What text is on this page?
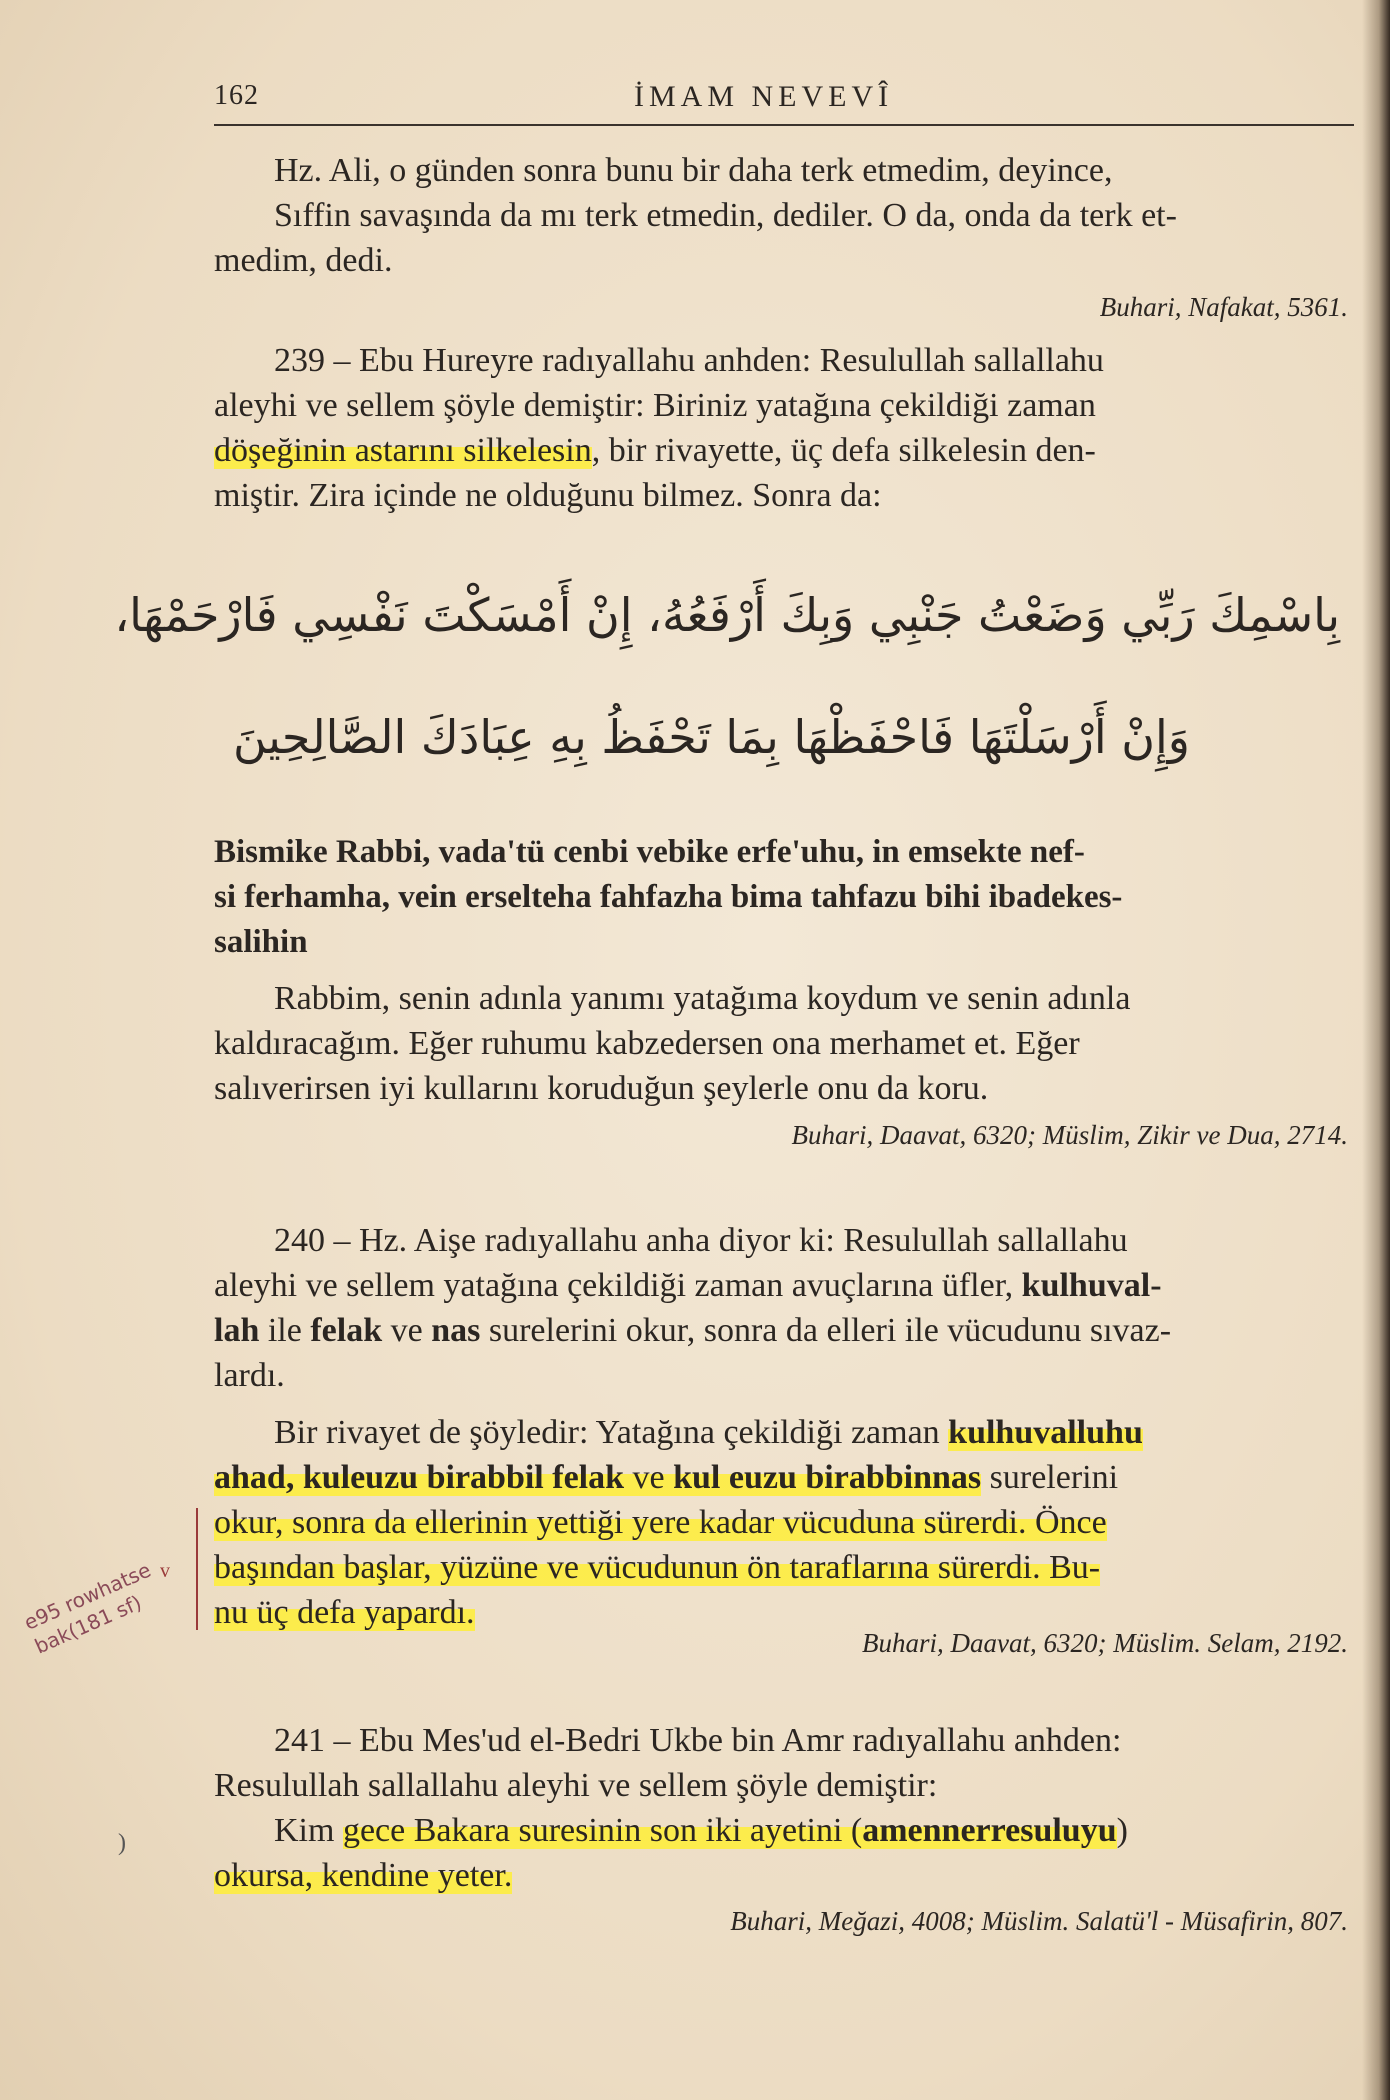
162	İMAM NEVEVÎ
Hz. Ali, o günden sonra bunu bir daha terk etmedim, deyince,
Sıffin savaşında da mı terk etmedin, dediler. O da, onda da terk et-
medim, dedi.
Buhari, Nafakat, 5361.
239 – Ebu Hureyre radıyallahu anhden: Resulullah sallallahu
aleyhi ve sellem şöyle demiştir: Biriniz yatağına çekildiği zaman
döşeğinin astarını silkelesin, bir rivayette, üç defa silkelesin den-
miştir. Zira içinde ne olduğunu bilmez. Sonra da:
بِاسْمِكَ رَبِّي وَضَعْتُ جَنْبِي وَبِكَ أَرْفَعُهُ، إِنْ أَمْسَكْتَ نَفْسِي فَارْحَمْهَا،
وَإِنْ أَرْسَلْتَهَا فَاحْفَظْهَا بِمَا تَحْفَظُ بِهِ عِبَادَكَ الصَّالِحِينَ
Bismike Rabbi, vada'tü cenbi vebike erfe'uhu, in emsekte nef-
si ferhamha, vein erselteha fahfazha bima tahfazu bihi ibadekes-
salihin
Rabbim, senin adınla yanımı yatağıma koydum ve senin adınla
kaldıracağım. Eğer ruhumu kabzedersen ona merhamet et. Eğer
salıverirsen iyi kullarını koruduğun şeylerle onu da koru.
Buhari, Daavat, 6320; Müslim, Zikir ve Dua, 2714.
240 – Hz. Aişe radıyallahu anha diyor ki: Resulullah sallallahu
aleyhi ve sellem yatağına çekildiği zaman avuçlarına üfler, kulhuval-
lah ile felak ve nas surelerini okur, sonra da elleri ile vücudunu sıvaz-
lardı.
Bir rivayet de şöyledir: Yatağına çekildiği zaman kulhuvalluhu
ahad, kuleuzu birabbil felak ve kul euzu birabbinnas surelerini
okur, sonra da ellerinin yettiği yere kadar vücuduna sürerdi. Önce
başından başlar, yüzüne ve vücudunun ön taraflarına sürerdi. Bu-
nu üç defa yapardı.
Buhari, Daavat, 6320; Müslim. Selam, 2192.
241 – Ebu Mes'ud el-Bedri Ukbe bin Amr radıyallahu anhden:
Resulullah sallallahu aleyhi ve sellem şöyle demiştir:
Kim gece Bakara suresinin son iki ayetini (amennerresuluyu)
okursa, kendine yeter.
Buhari, Meğazi, 4008; Müslim. Salatü'l - Müsafirin, 807.
v
e95 rowhatse bak(181 sf)
)
